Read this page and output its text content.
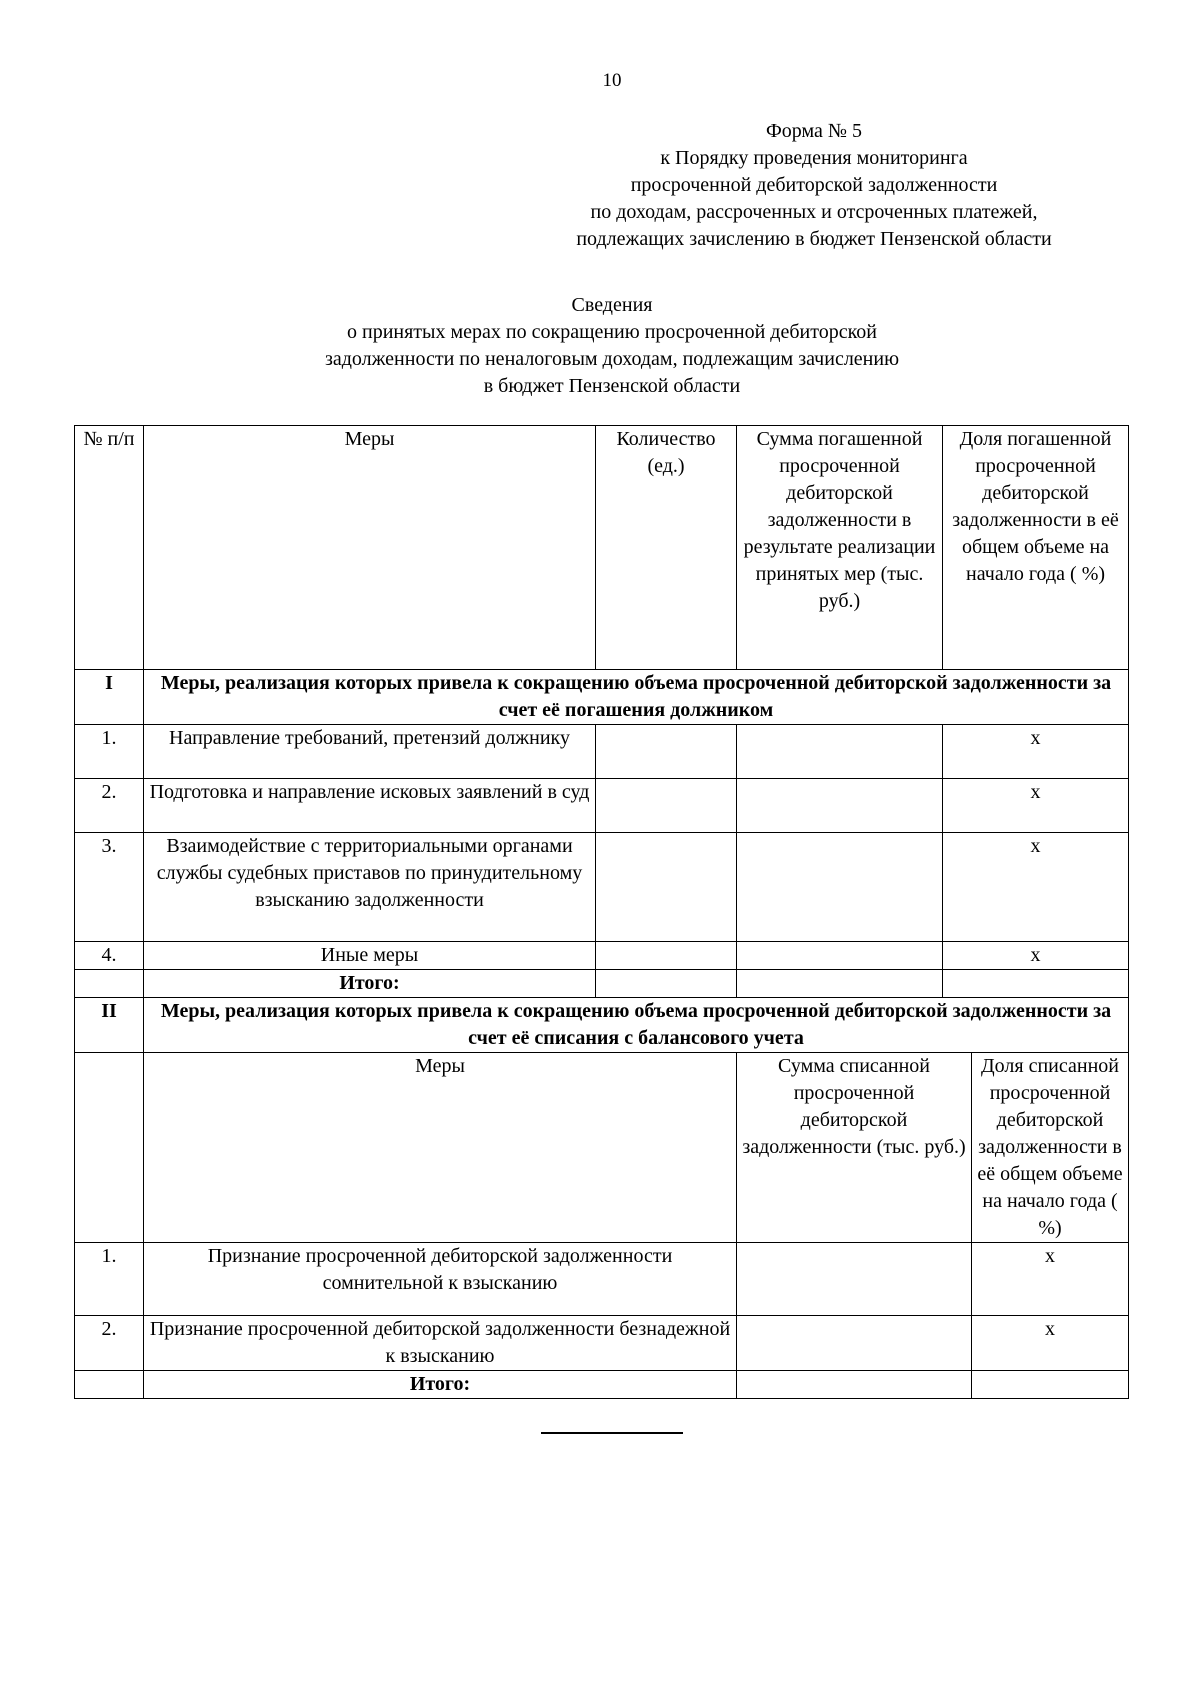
10
Форма № 5
к Порядку проведения мониторинга
просроченной дебиторской задолженности
по доходам, рассроченных и отсроченных платежей,
подлежащих зачислению в бюджет Пензенской области
Сведения
о принятых мерах по сокращению просроченной дебиторской
задолженности по неналоговым доходам, подлежащим зачислению
в бюджет Пензенской области
№ п/п	Меры	Количество (ед.)	Сумма погашенной просроченной дебиторской задолженности в результате реализации принятых мер (тыс. руб.)	Доля погашенной просроченной дебиторской задолженности в её общем объеме на начало года ( %)	
I	Меры, реализация которых привела к сокращению объема просроченной дебиторской задолженности за счет её погашения должником				
1.	Направление требований, претензий должнику			х	
2.	Подготовка и направление исковых заявлений в суд			х	
3.	Взаимодействие с территориальными органами службы судебных приставов по принудительному взысканию задолженности			х	
4.	Иные меры			х	
	Итого:				
II	Меры, реализация которых привела к сокращению объема просроченной дебиторской задолженности за счет её списания с балансового учета				
	Меры		Сумма списанной просроченной дебиторской задолженности (тыс. руб.)		Доля списанной просроченной дебиторской задолженности в её общем объеме на начало года ( %)
1.	Признание просроченной дебиторской задолженности сомнительной к взысканию				х
2.	Признание просроченной дебиторской задолженности безнадежной к взысканию				х
	Итого:				
